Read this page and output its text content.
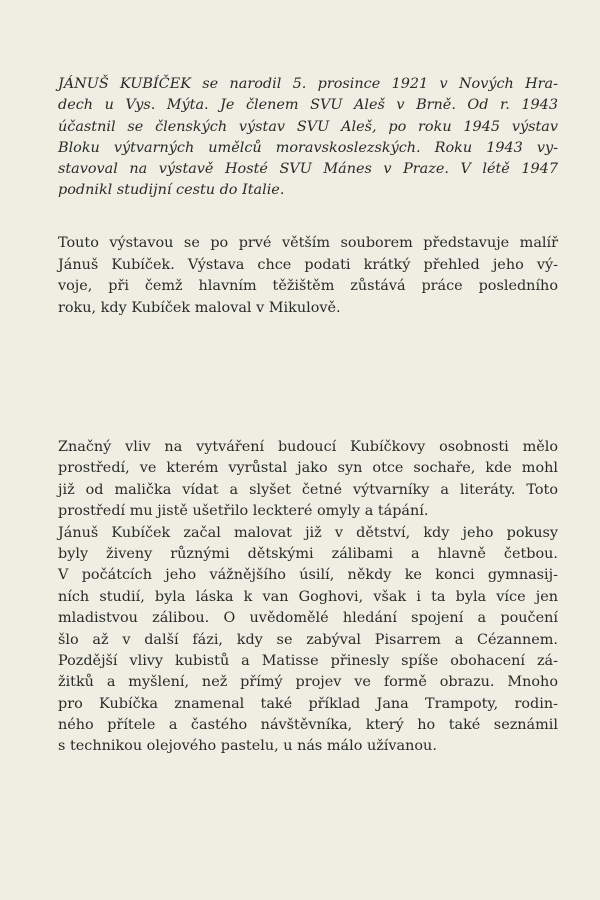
JÁNUŠ KUBÍČEK se narodil 5. prosince 1921 v Nových Hra-
dech u Vys. Mýta. Je členem SVU Aleš v Brně. Od r. 1943
účastnil se členských výstav SVU Aleš, po roku 1945 výstav
Bloku výtvarných umělců moravskoslezských. Roku 1943 vy-
stavoval na výstavě Hosté SVU Mánes v Praze. V létě 1947
podnikl studijní cestu do Italie.
Touto výstavou se po prvé větším souborem představuje malíř
Jánuš Kubíček. Výstava chce podati krátký přehled jeho vý-
voje, při čemž hlavním těžištěm zůstává práce posledního
roku, kdy Kubíček maloval v Mikulově.
Značný vliv na vytváření budoucí Kubíčkovy osobnosti mělo
prostředí, ve kterém vyrůstal jako syn otce sochaře, kde mohl
již od malička vídat a slyšet četné výtvarníky a literáty. Toto
prostředí mu jistě ušetřilo leckteré omyly a tápání.
Jánuš Kubíček začal malovat již v dětství, kdy jeho pokusy
byly živeny různými dětskými zálibami a hlavně četbou.
V počátcích jeho vážnějšího úsilí, někdy ke konci gymnasij-
ních studií, byla láska k van Goghovi, však i ta byla více jen
mladistvou zálibou. O uvědomělé hledání spojení a poučení
šlo až v další fázi, kdy se zabýval Pisarrem a Cézannem.
Pozdější vlivy kubistů a Matisse přinesly spíše obohacení zá-
žitků a myšlení, než přímý projev ve formě obrazu. Mnoho
pro Kubíčka znamenal také příklad Jana Trampoty, rodin-
ného přítele a častého návštěvníka, který ho také seznámil
s technikou olejového pastelu, u nás málo užívanou.
